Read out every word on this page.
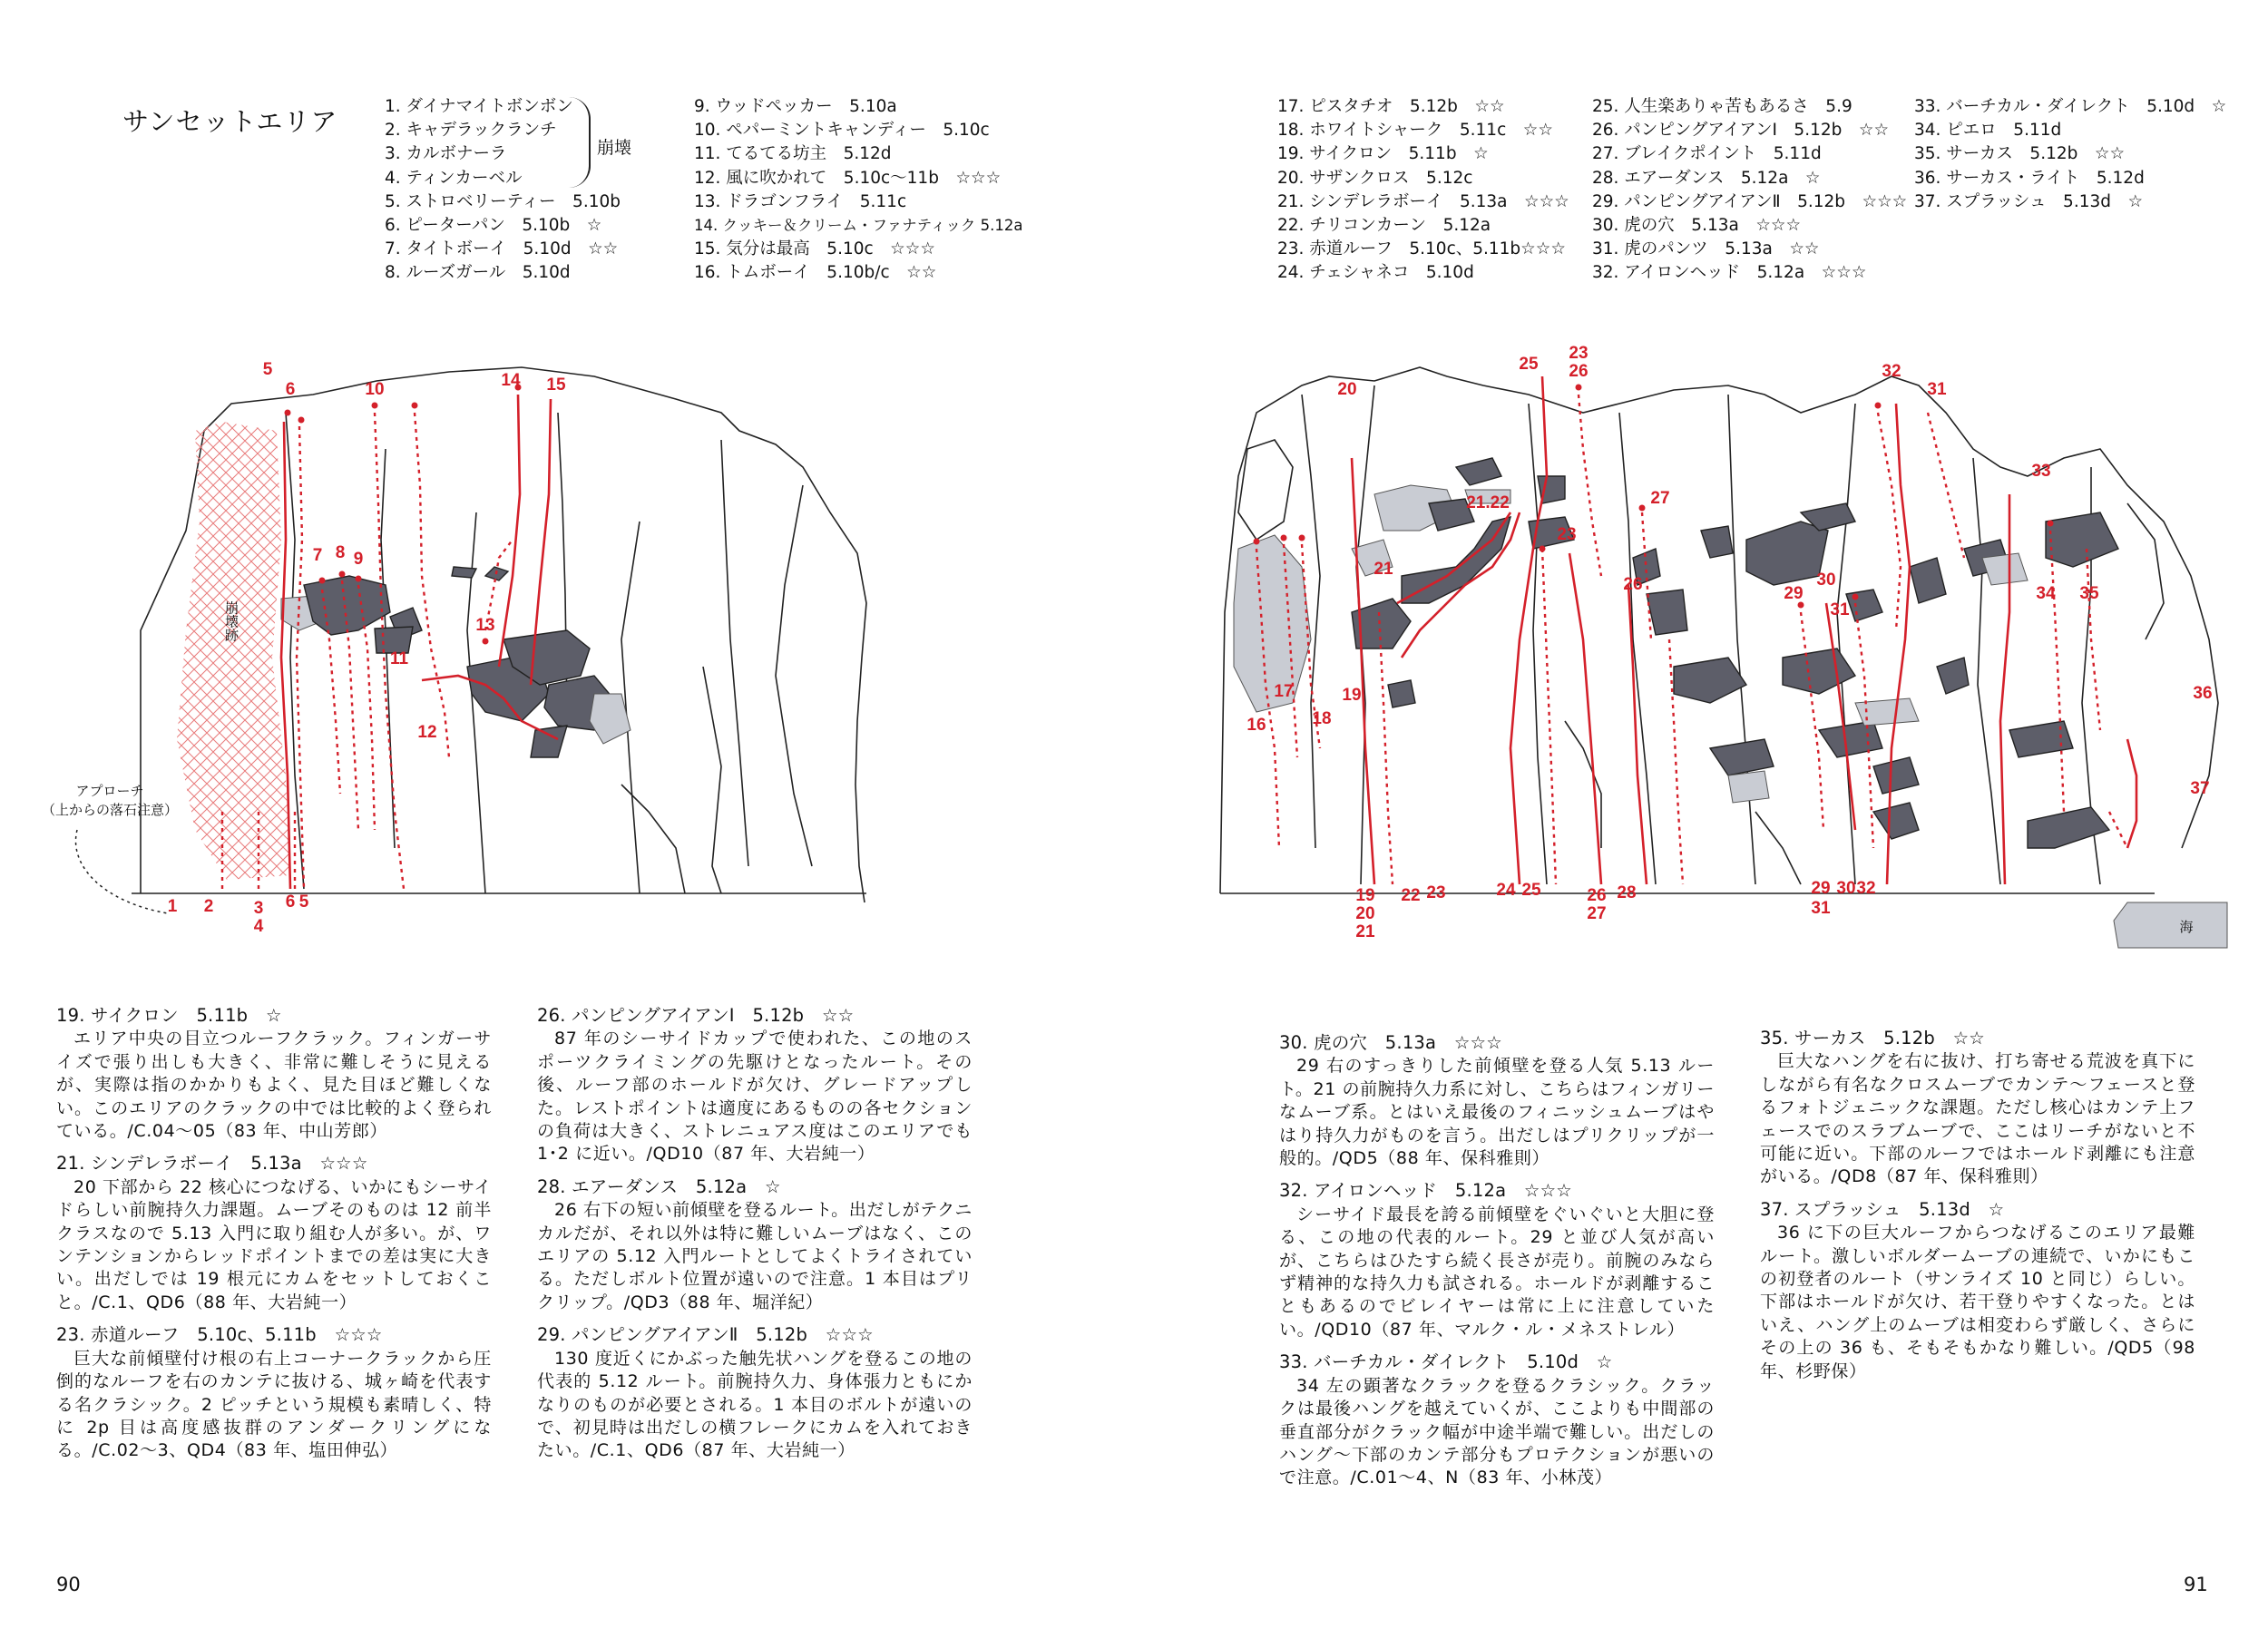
サンセットエリア	1. ダイナマイトボンボン
2. キャデラックランチ
3. カルボナーラ
4. ティンカーベル
5. ストロベリーティー　5.10b
6. ピーターパン　5.10b　☆
7. タイトボーイ　5.10d　☆☆
8. ルーズガール　5.10d
崩壊
9. ウッドペッカー　5.10a
10. ペパーミントキャンディー　5.10c
11. てるてる坊主　5.12d
12. 風に吹かれて　5.10c～11b　☆☆☆
13. ドラゴンフライ　5.11c
14. クッキー＆クリーム・ファナティック 5.12a
15. 気分は最高　5.10c　☆☆☆
16. トムボーイ　5.10b/c　☆☆
崩壊跡
5
6
7 8 9
10
11
12
13
14 15
1 2 3
4
6 5
アプローチ
（上からの落石注意）
19. サイクロン　5.11b　☆

エリア中央の目立つルーフクラック。フィンガーサイズで張り出しも大きく、非常に難しそうに見えるが、実際は指のかかりもよく、見た目ほど難しくない。このエリアのクラックの中では比較的よく登られている。/C.04～05（83 年、中山芳郎）

21. シンデレラボーイ　5.13a　☆☆☆

20 下部から 22 核心につなげる、いかにもシーサイドらしい前腕持久力課題。ムーブそのものは 12 前半クラスなので 5.13 入門に取り組む人が多い。が、ワンテンションからレッドポイントまでの差は実に大きい。出だしでは 19 根元にカムをセットしておくこと。/C.1、QD6（88 年、大岩純一）

23. 赤道ルーフ　5.10c、5.11b　☆☆☆

巨大な前傾壁付け根の右上コーナークラックから圧倒的なルーフを右のカンテに抜ける、城ヶ崎を代表する名クラシック。2 ピッチという規模も素晴しく、特に 2p 目は高度感抜群のアンダークリングになる。/C.02～3、QD4（83 年、塩田伸弘）

26. パンピングアイアンⅠ　5.12b　☆☆

87 年のシーサイドカップで使われた、この地のスポーツクライミングの先駆けとなったルート。その後、ルーフ部のホールドが欠け、グレードアップした。レストポイントは適度にあるものの各セクションの負荷は大きく、ストレニュアス度はこのエリアでも 1･2 に近い。/QD10（87 年、大岩純一）

28. エアーダンス　5.12a　☆

26 右下の短い前傾壁を登るルート。出だしがテクニカルだが、それ以外は特に難しいムーブはなく、このエリアの 5.12 入門ルートとしてよくトライされている。ただしボルト位置が遠いので注意。1 本目はプリクリップ。/QD3（88 年、堀洋紀）

29. パンピングアイアンⅡ　5.12b　☆☆☆

130 度近くにかぶった触先状ハングを登るこの地の代表的 5.12 ルート。前腕持久力、身体張力ともにかなりのものが必要とされる。1 本目のボルトが遠いので、初見時は出だしの横フレークにカムを入れておきたい。/C.1、QD6（87 年、大岩純一）

90
17. ピスタチオ　5.12b　☆☆
18. ホワイトシャーク　5.11c　☆☆
19. サイクロン　5.11b　☆
20. サザンクロス　5.12c
21. シンデレラボーイ　5.13a　☆☆☆
22. チリコンカーン　5.12a
23. 赤道ルーフ　5.10c、5.11b☆☆☆
24. チェシャネコ　5.10d
25. 人生楽ありゃ苦もあるさ　5.9
26. パンピングアイアンⅠ　5.12b　☆☆
27. ブレイクポイント　5.11d
28. エアーダンス　5.12a　☆
29. パンピングアイアンⅡ　5.12b　☆☆☆
30. 虎の穴　5.13a　☆☆☆
31. 虎のパンツ　5.13a　☆☆
32. アイロンヘッド　5.12a　☆☆☆
33. バーチカル・ダイレクト　5.10d　☆
34. ピエロ　5.11d
35. サーカス　5.12b　☆☆
36. サーカス・ライト　5.12d
37. スプラッシュ　5.13d　☆
海
20
25
23
26	32
31
33
27
21.22
23
26	29
30
31
34 35
36
37
17
16	18
19
21
19
20
21
22 23	24 25	26
27
28	29
31
30 32
30. 虎の穴　5.13a　☆☆☆

29 右のすっきりした前傾壁を登る人気 5.13 ルート。21 の前腕持久力系に対し、こちらはフィンガリーなムーブ系。とはいえ最後のフィニッシュムーブはやはり持久力がものを言う。出だしはプリクリップが一般的。/QD5（88 年、保科雅則）

32. アイロンヘッド　5.12a　☆☆☆

シーサイド最長を誇る前傾壁をぐいぐいと大胆に登る、この地の代表的ルート。29 と並び人気が高いが、こちらはひたすら続く長さが売り。前腕のみならず精神的な持久力も試される。ホールドが剥離することもあるのでビレイヤーは常に上に注意していたい。/QD10（87 年、マルク・ル・メネストレル）

33. バーチカル・ダイレクト　5.10d　☆

34 左の顕著なクラックを登るクラシック。クラックは最後ハングを越えていくが、ここよりも中間部の垂直部分がクラック幅が中途半端で難しい。出だしのハング～下部のカンテ部分もプロテクションが悪いので注意。/C.01～4、N（83 年、小林茂）

35. サーカス　5.12b　☆☆

巨大なハングを右に抜け、打ち寄せる荒波を真下にしながら有名なクロスムーブでカンテ～フェースと登るフォトジェニックな課題。ただし核心はカンテ上フェースでのスラブムーブで、ここはリーチがないと不可能に近い。下部のルーフではホールド剥離にも注意がいる。/QD8（87 年、保科雅則）

37. スプラッシュ　5.13d　☆

36 に下の巨大ルーフからつなげるこのエリア最難ルート。激しいボルダームーブの連続で、いかにもこの初登者のルート（サンライズ 10 と同じ）らしい。下部はホールドが欠け、若干登りやすくなった。とはいえ、ハング上のムーブは相変わらず厳しく、さらにその上の 36 も、そもそもかなり難しい。/QD5（98 年、杉野保）

91
